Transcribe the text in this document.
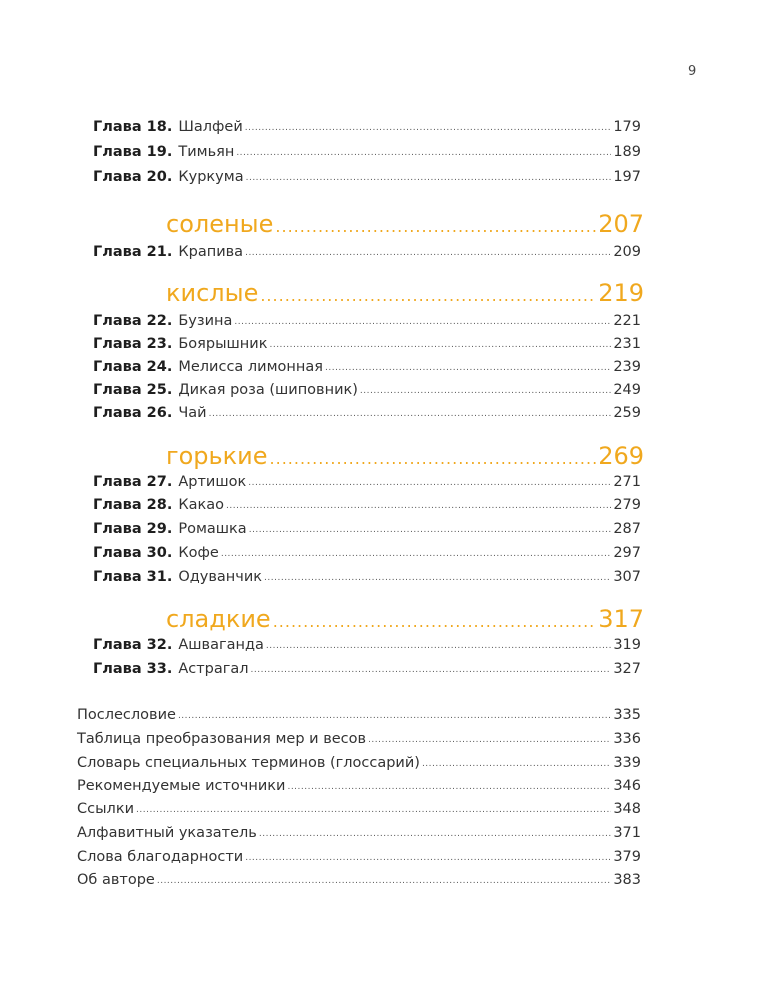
9
Глава 18. Шалфей .....	179
Глава 19. Тимьян .....	189
Глава 20. Куркума .....	197
соленые .....	207
Глава 21. Крапива .....	209
кислые .....	219
Глава 22. Бузина .....	221
Глава 23. Боярышник .....	231
Глава 24. Мелисса лимонная .....	239
Глава 25. Дикая роза (шиповник) .....	249
Глава 26. Чай .....	259
горькие .....	269
Глава 27. Артишок .....	271
Глава 28. Какао .....	279
Глава 29. Ромашка .....	287
Глава 30. Кофе .....	297
Глава 31. Одуванчик .....	307
сладкие .....	317
Глава 32. Ашваганда .....	319
Глава 33. Астрагал .....	327
Послесловие .....	335
Таблица преобразования мер и весов .....	336
Словарь специальных терминов (глоссарий) .....	339
Рекомендуемые источники .....	346
Ссылки .....	348
Алфавитный указатель .....	371
Слова благодарности .....	379
Об авторе .....	383
